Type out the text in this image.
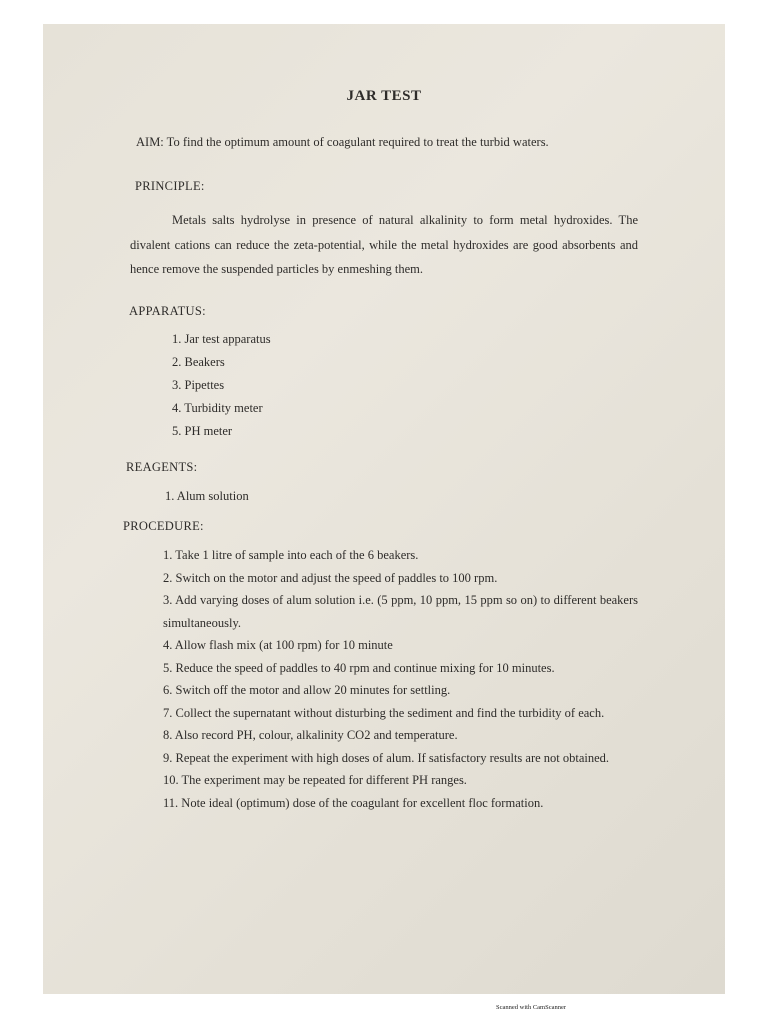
JAR TEST
AIM: To find the optimum amount of coagulant required to treat the turbid waters.
PRINCIPLE:
Metals salts hydrolyse in presence of natural alkalinity to form metal hydroxides. The divalent cations can reduce the zeta-potential, while the metal hydroxides are good absorbents and hence remove the suspended particles by enmeshing them.
APPARATUS:
1. Jar test apparatus
2. Beakers
3. Pipettes
4. Turbidity meter
5. PH meter
REAGENTS:
1. Alum solution
PROCEDURE:
1. Take 1 litre of sample into each of the 6 beakers.
2. Switch on the motor and adjust the speed of paddles to 100 rpm.
3. Add varying doses of alum solution i.e. (5 ppm, 10 ppm, 15 ppm so on) to different beakers simultaneously.
4. Allow flash mix (at 100 rpm) for 10 minute
5. Reduce the speed of paddles to 40 rpm and continue mixing for 10 minutes.
6. Switch off the motor and allow 20 minutes for settling.
7. Collect the supernatant without disturbing the sediment and find the turbidity of each.
8. Also record PH, colour, alkalinity CO2 and temperature.
9. Repeat the experiment with high doses of alum. If satisfactory results are not obtained.
10. The experiment may be repeated for different PH ranges.
11. Note ideal (optimum) dose of the coagulant for excellent floc formation.
Scanned with CamScanner
